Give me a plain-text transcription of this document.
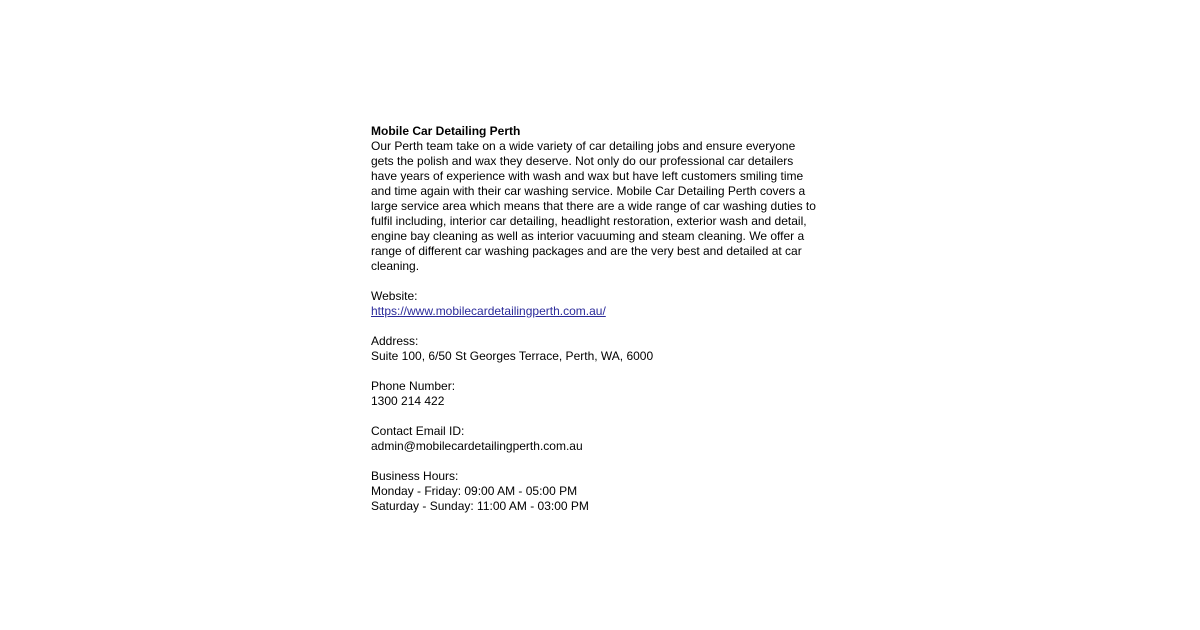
Mobile Car Detailing Perth

Our Perth team take on a wide variety of car detailing jobs and ensure everyone gets the polish and wax they deserve. Not only do our professional car detailers have years of experience with wash and wax but have left customers smiling time and time again with their car washing service. Mobile Car Detailing Perth covers a large service area which means that there are a wide range of car washing duties to fulfil including, interior car detailing, headlight restoration, exterior wash and detail, engine bay cleaning as well as interior vacuuming and steam cleaning. We offer a range of different car washing packages and are the very best and detailed at car cleaning.

Website:
https://www.mobilecardetailingperth.com.au/
Address:
Suite 100, 6/50 St Georges Terrace, Perth, WA, 6000
Phone Number:
1300 214 422
Contact Email ID:
admin@mobilecardetailingperth.com.au
Business Hours:
Monday - Friday: 09:00 AM - 05:00 PM
Saturday - Sunday: 11:00 AM - 03:00 PM
